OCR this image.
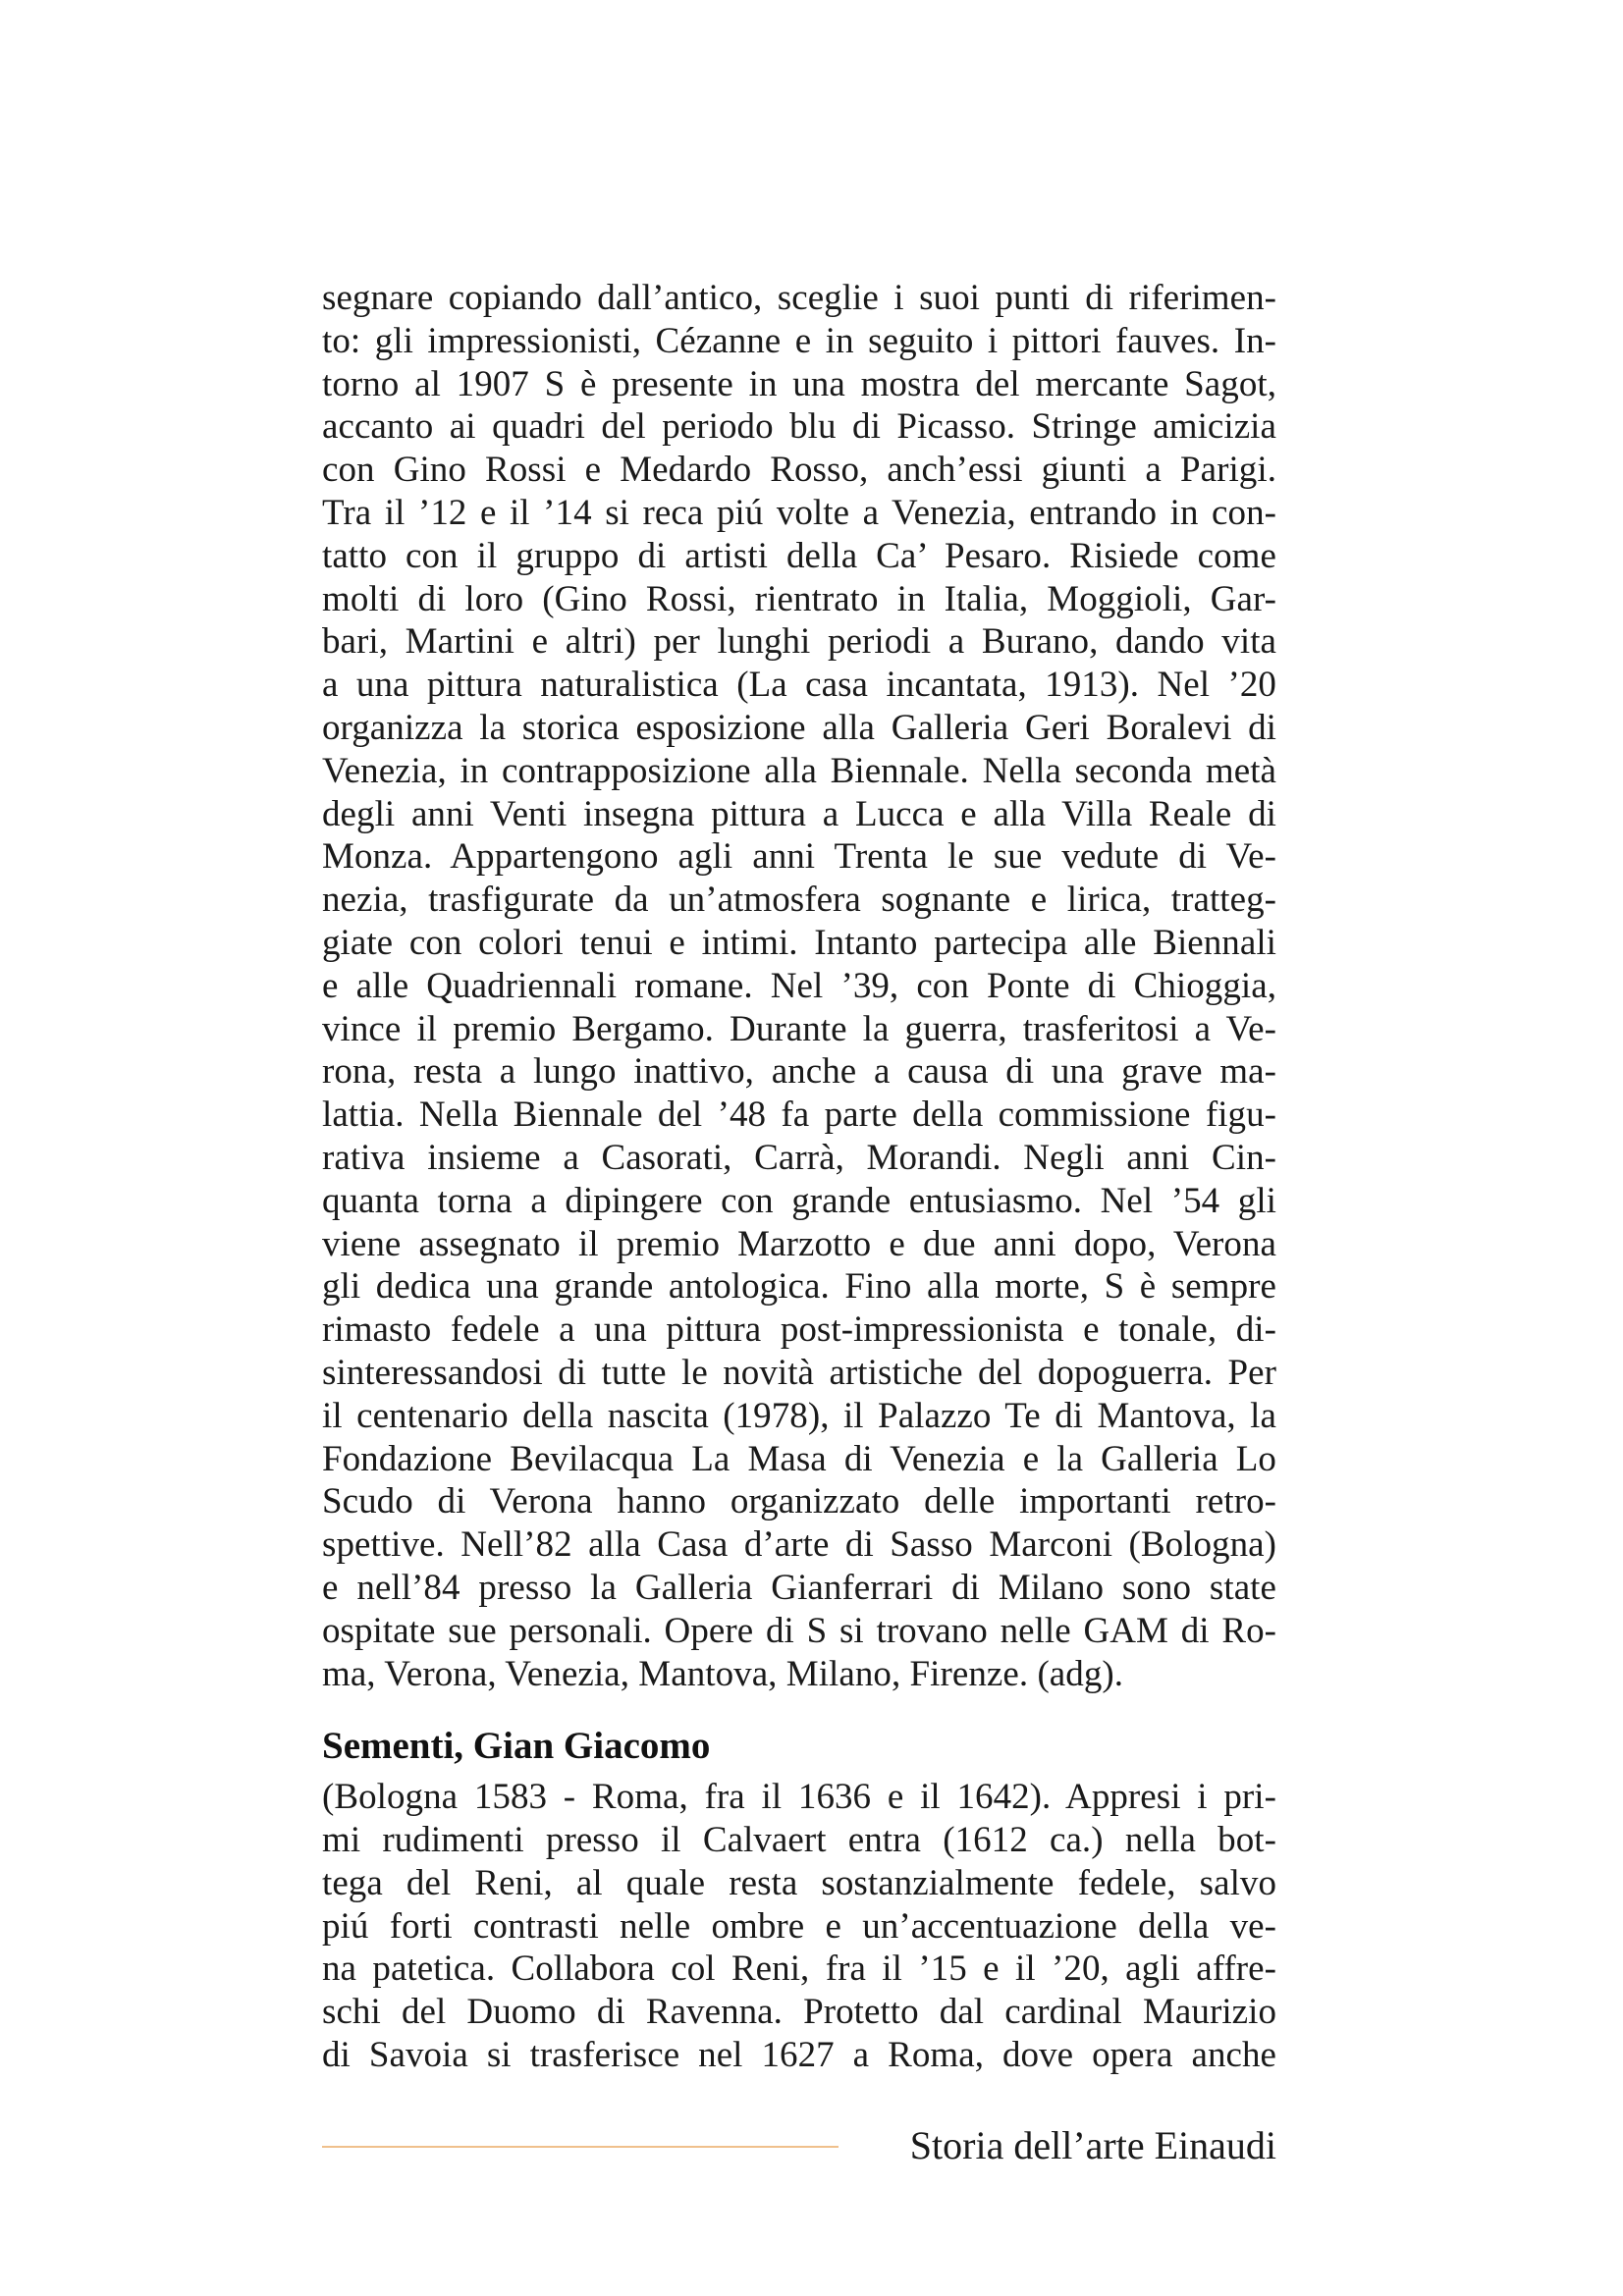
segnare copiando dall’antico, sceglie i suoi punti di riferimen-
to: gli impressionisti, Cézanne e in seguito i pittori fauves. In-
torno al 1907 S è presente in una mostra del mercante Sagot,
accanto ai quadri del periodo blu di Picasso. Stringe amicizia
con Gino Rossi e Medardo Rosso, anch’essi giunti a Parigi.
Tra il ’12 e il ’14 si reca piú volte a Venezia, entrando in con-
tatto con il gruppo di artisti della Ca’ Pesaro. Risiede come
molti di loro (Gino Rossi, rientrato in Italia, Moggioli, Gar-
bari, Martini e altri) per lunghi periodi a Burano, dando vita
a una pittura naturalistica (La casa incantata, 1913). Nel ’20
organizza la storica esposizione alla Galleria Geri Boralevi di
Venezia, in contrapposizione alla Biennale. Nella seconda metà
degli anni Venti insegna pittura a Lucca e alla Villa Reale di
Monza. Appartengono agli anni Trenta le sue vedute di Ve-
nezia, trasfigurate da un’atmosfera sognante e lirica, tratteg-
giate con colori tenui e intimi. Intanto partecipa alle Biennali
e alle Quadriennali romane. Nel ’39, con Ponte di Chioggia,
vince il premio Bergamo. Durante la guerra, trasferitosi a Ve-
rona, resta a lungo inattivo, anche a causa di una grave ma-
lattia. Nella Biennale del ’48 fa parte della commissione figu-
rativa insieme a Casorati, Carrà, Morandi. Negli anni Cin-
quanta torna a dipingere con grande entusiasmo. Nel ’54 gli
viene assegnato il premio Marzotto e due anni dopo, Verona
gli dedica una grande antologica. Fino alla morte, S è sempre
rimasto fedele a una pittura post-impressionista e tonale, di-
sinteressandosi di tutte le novità artistiche del dopoguerra. Per
il centenario della nascita (1978), il Palazzo Te di Mantova, la
Fondazione Bevilacqua La Masa di Venezia e la Galleria Lo
Scudo di Verona hanno organizzato delle importanti retro-
spettive. Nell’82 alla Casa d’arte di Sasso Marconi (Bologna)
e nell’84 presso la Galleria Gianferrari di Milano sono state
ospitate sue personali. Opere di S si trovano nelle GAM di Ro-
ma, Verona, Venezia, Mantova, Milano, Firenze. (adg).
Sementi, Gian Giacomo
(Bologna 1583 - Roma, fra il 1636 e il 1642). Appresi i pri-
mi rudimenti presso il Calvaert entra (1612 ca.) nella bot-
tega del Reni, al quale resta sostanzialmente fedele, salvo
piú forti contrasti nelle ombre e un’accentuazione della ve-
na patetica. Collabora col Reni, fra il ’15 e il ’20, agli affre-
schi del Duomo di Ravenna. Protetto dal cardinal Maurizio
di Savoia si trasferisce nel 1627 a Roma, dove opera anche
Storia dell’arte Einaudi
